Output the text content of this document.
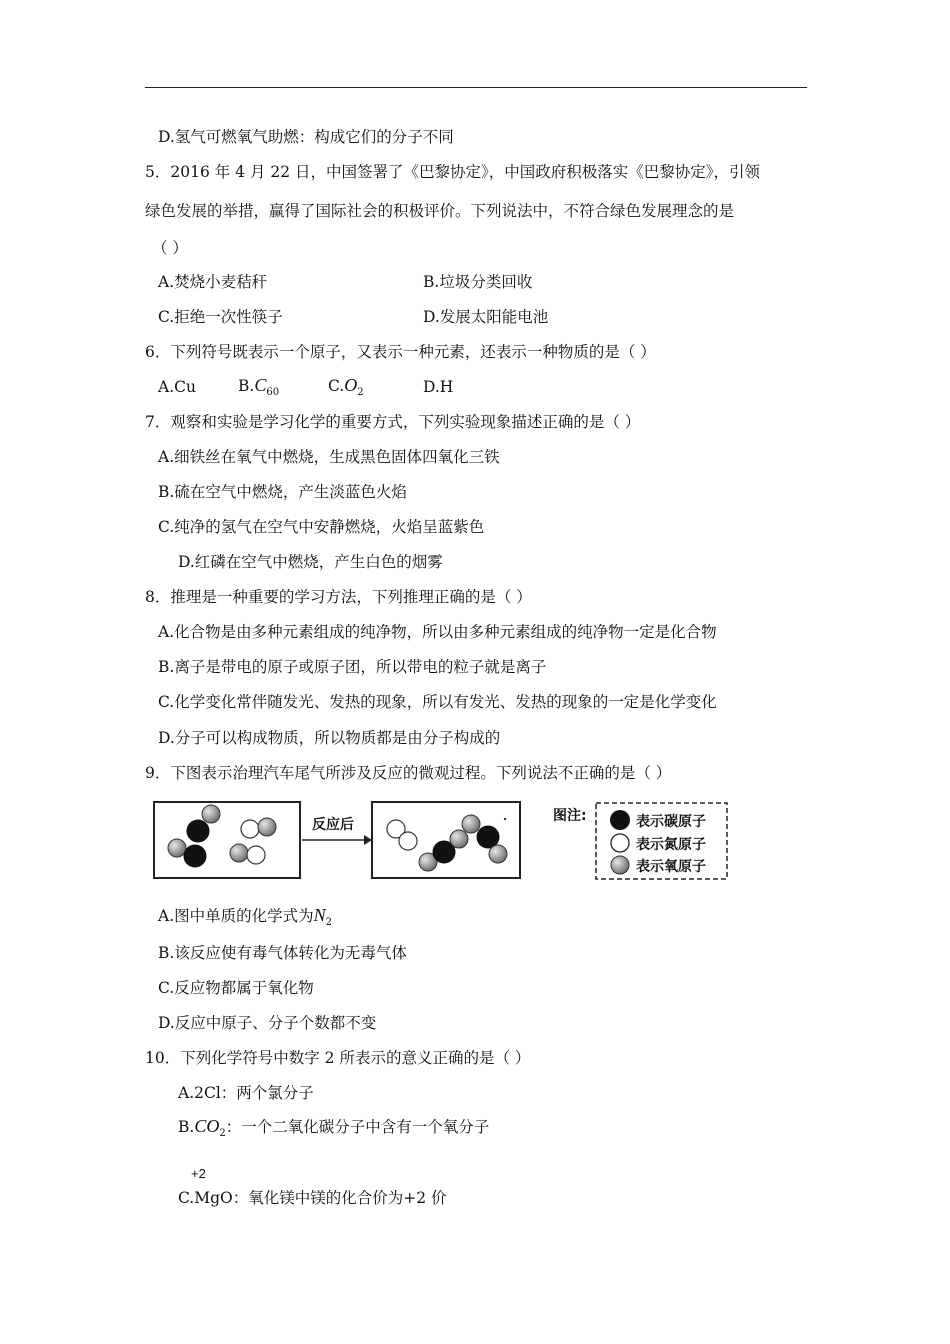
D.氢气可燃氧气助燃：构成它们的分子不同
5．2016 年 4 月 22 日，中国签署了《巴黎协定》，中国政府积极落实《巴黎协定》，引领
绿色发展的举措，赢得了国际社会的积极评价。下列说法中，不符合绿色发展理念的是
（ ）
A.焚烧小麦秸秆	B.垃圾分类回收
C.拒绝一次性筷子	D.发展太阳能电池
6．下列符号既表示一个原子，又表示一种元素，还表示一种物质的是（ ）
A.Cu	$B.C_{60}$	$C.O_2$	D.H
7．观察和实验是学习化学的重要方式，下列实验现象描述正确的是（ ）
A.细铁丝在氧气中燃烧，生成黑色固体四氧化三铁
B.硫在空气中燃烧，产生淡蓝色火焰
C.纯净的氢气在空气中安静燃烧，火焰呈蓝紫色
D.红磷在空气中燃烧，产生白色的烟雾
8．推理是一种重要的学习方法，下列推理正确的是（ ）
A.化合物是由多种元素组成的纯净物，所以由多种元素组成的纯净物一定是化合物
B.离子是带电的原子或原子团，所以带电的粒子就是离子
C.化学变化常伴随发光、发热的现象，所以有发光、发热的现象的一定是化学变化
D.分子可以构成物质，所以物质都是由分子构成的
9．下图表示治理汽车尾气所涉及反应的微观过程。下列说法不正确的是（ ）
反应后
图注:	表示碳原子
表示氮原子
表示氧原子
A.图中单质的化学式为$N_2$
B.该反应使有毒气体转化为无毒气体
C.反应物都属于氧化物
D.反应中原子、分子个数都不变
10．下列化学符号中数字 2 所表示的意义正确的是（ ）
A.2Cl：两个氯分子
$B.CO_2$：一个二氧化碳分子中含有一个氧分子
+2
C.MgO：氧化镁中镁的化合价为+2 价
